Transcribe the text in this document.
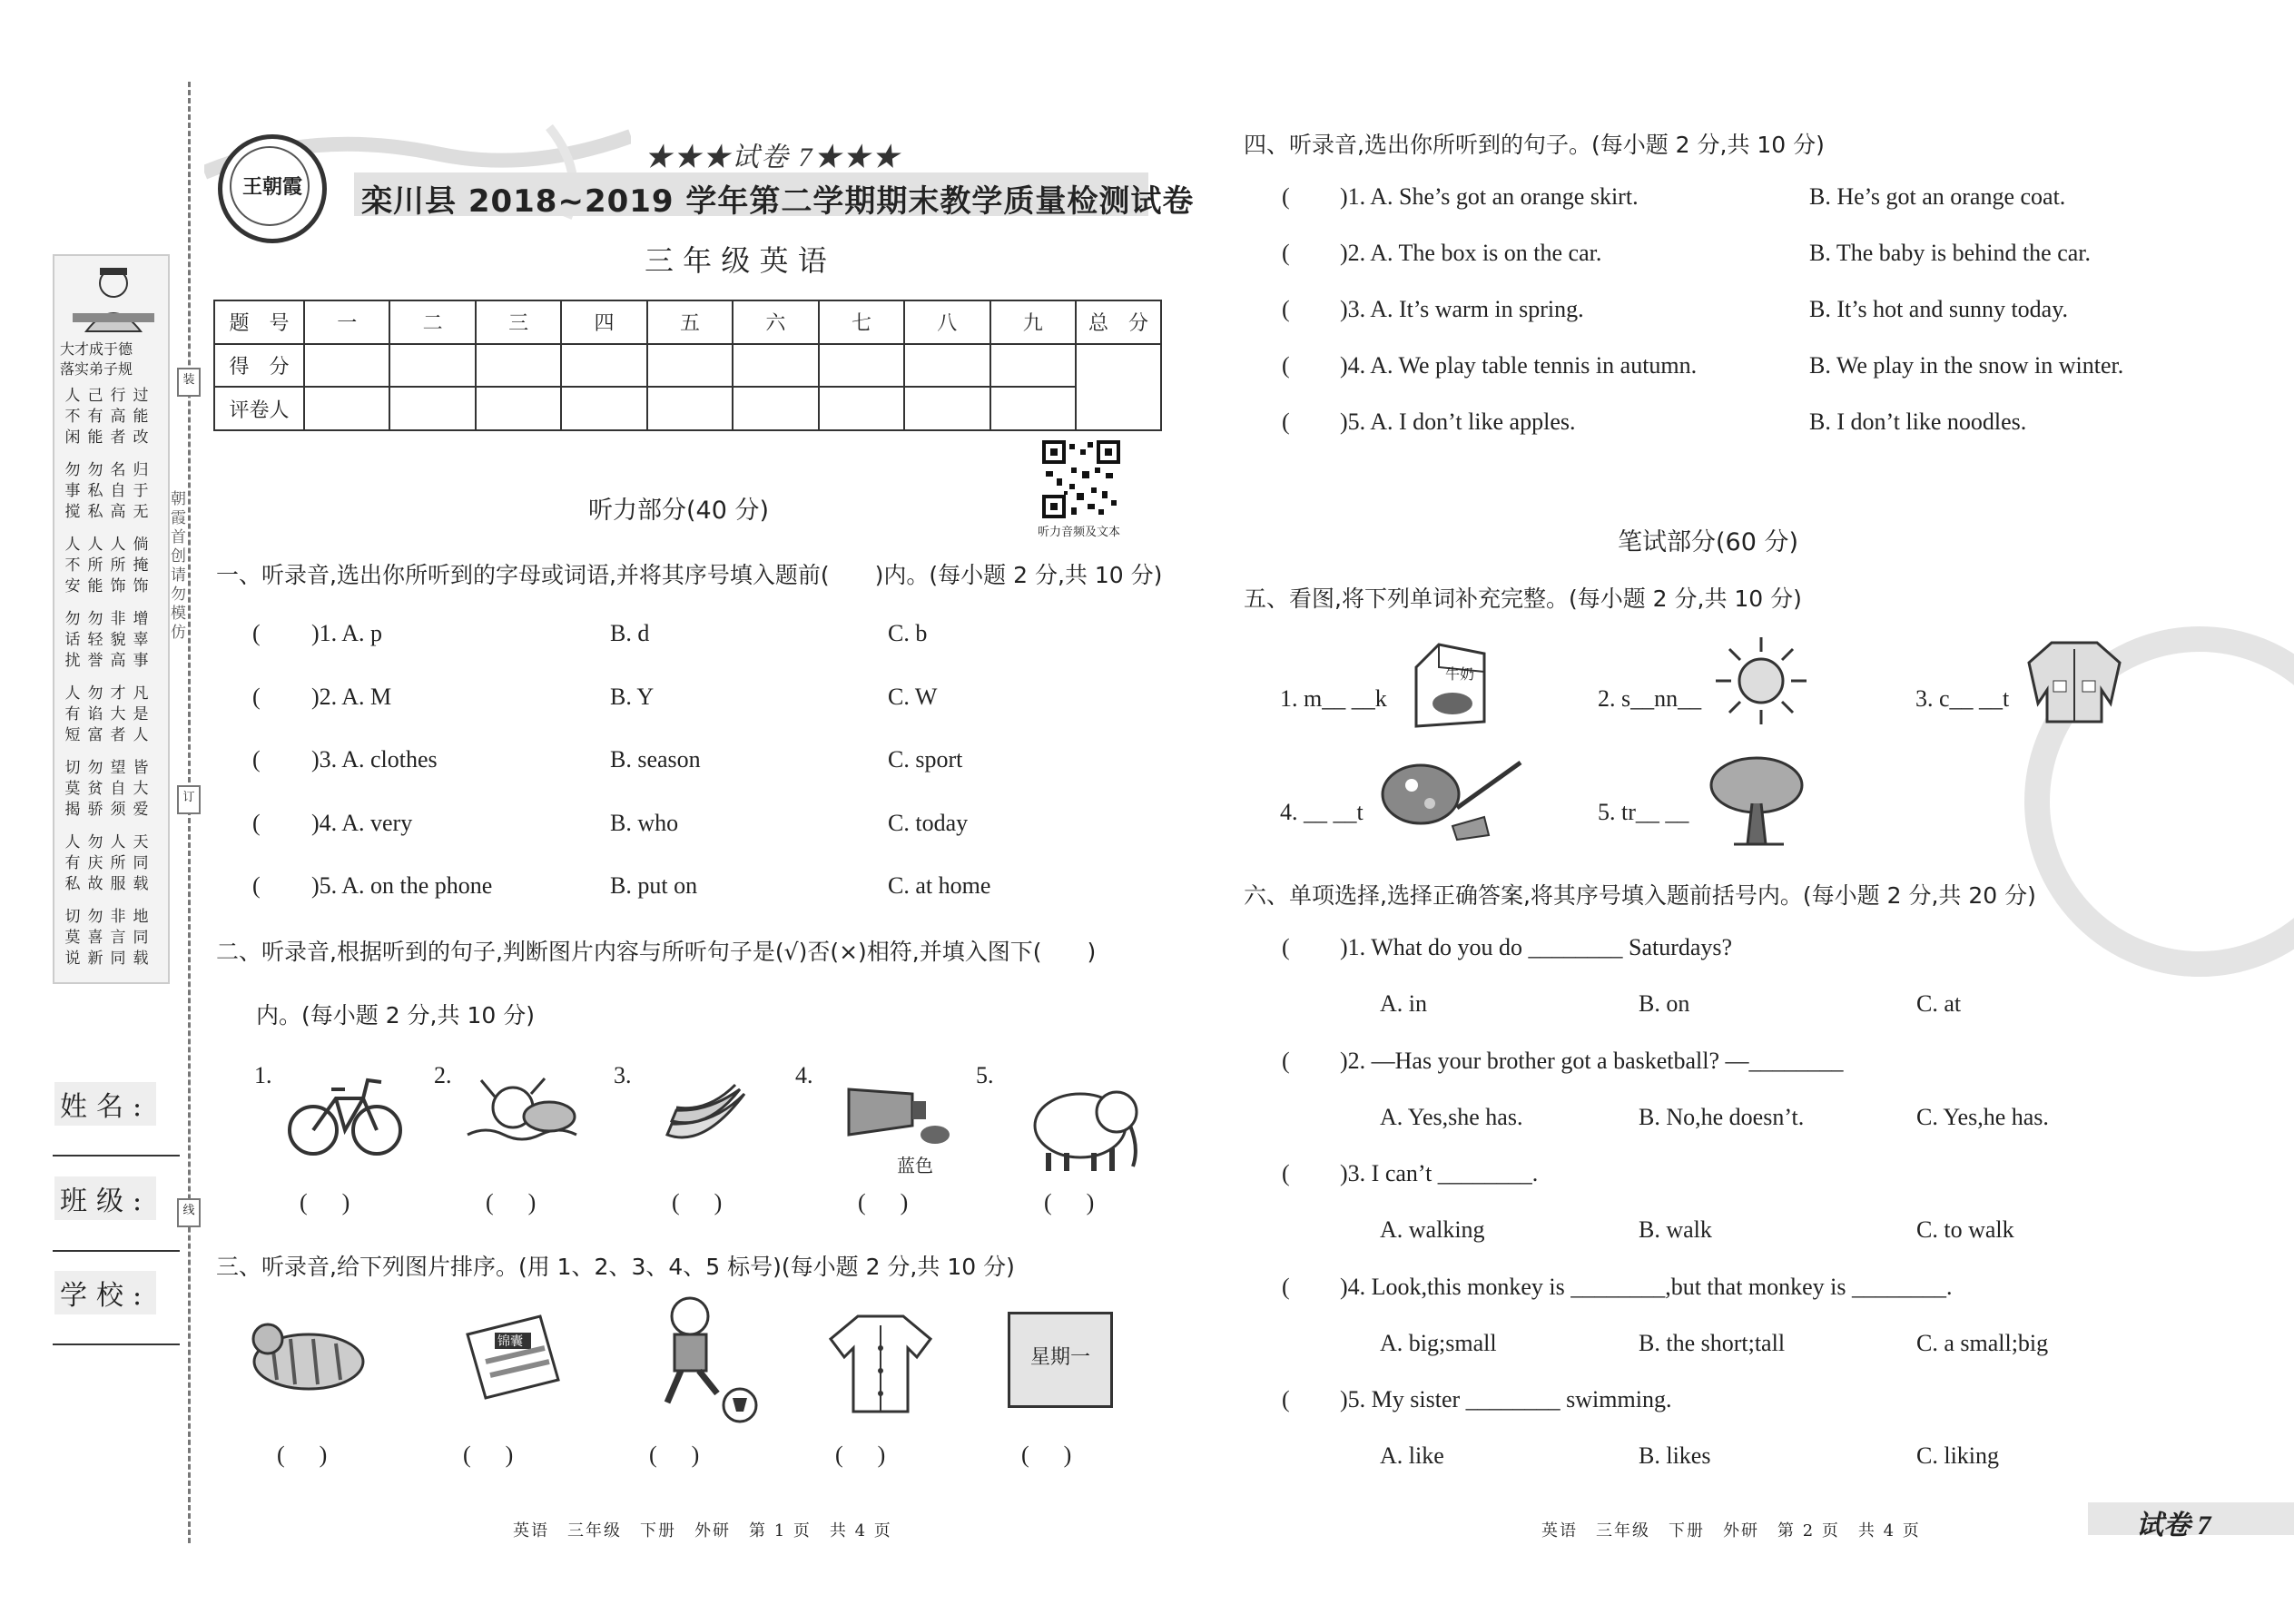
大才成于德
落实弟子规
人不闲
己有能
行高者
过能改
勿事搅
勿私私
名自高
归于无
人不安
人所能
人所饰
倘掩饰
勿话扰
勿轻誉
非貌高
增辜事
人有短
勿谄富
才大者
凡是人
切莫揭
勿贫骄
望自须
皆大爱
人有私
勿庆故
人所服
天同载
切莫说
勿喜新
非言同
地同载
朝霞首创 请勿模仿
装
订
线
姓名:
班级:
学校:
王朝霞
★★★试卷 7★★★
栾川县 2018~2019 学年第二学期期末教学质量检测试卷
三 年 级 英 语
题　号	一	二	三	四	五	六	七	八	九	总　分
得　分										
评卷人										
听力音频及文本
听力部分(40 分)
一、听录音,选出你所听到的字母或词语,并将其序号填入题前(　　)内。(每小题 2 分,共 10 分)
( )1. A. p	B. d	C. b
( )2. A. M	B. Y	C. W
( )3. A. clothes	B. season	C. sport
( )4. A. very	B. who	C. today
( )5. A. on the phone	B. put on	C. at home
二、听录音,根据听到的句子,判断图片内容与所听句子是(√)否(×)相符,并填入图下(　　)
内。(每小题 2 分,共 10 分)
1.	2.	3.	4.	5.
蓝色
()	()	()	()	()
三、听录音,给下列图片排序。(用 1、2、3、4、5 标号)(每小题 2 分,共 10 分)
锦囊
星期一
()	()	()	()	()
四、听录音,选出你所听到的句子。(每小题 2 分,共 10 分)
( )1. A. She’s got an orange skirt.	B. He’s got an orange coat.
( )2. A. The box is on the car.	B. The baby is behind the car.
( )3. A. It’s warm in spring.	B. It’s hot and sunny today.
( )4. A. We play table tennis in autumn.	B. We play in the snow in winter.
( )5. A. I don’t like apples.	B. I don’t like noodles.
笔试部分(60 分)
五、看图,将下列单词补充完整。(每小题 2 分,共 10 分)
1. m__ __k	2. s__nn__	3. c__ __t
4. __ __t	5. tr__ __
牛奶
六、单项选择,选择正确答案,将其序号填入题前括号内。(每小题 2 分,共 20 分)
( )1. What do you do ________ Saturdays?
A. in	B. on	C. at
( )2. —Has your brother got a basketball? —________
A. Yes,she has.	B. No,he doesn’t.	C. Yes,he has.
( )3. I can’t ________.
A. walking	B. walk	C. to walk
( )4. Look,this monkey is ________,but that monkey is ________.
A. big;small	B. the short;tall	C. a small;big
( )5. My sister ________ swimming.
A. like	B. likes	C. liking
英语　三年级　下册　外研　第 1 页　共 4 页	英语　三年级　下册　外研　第 2 页　共 4 页	试卷 7
